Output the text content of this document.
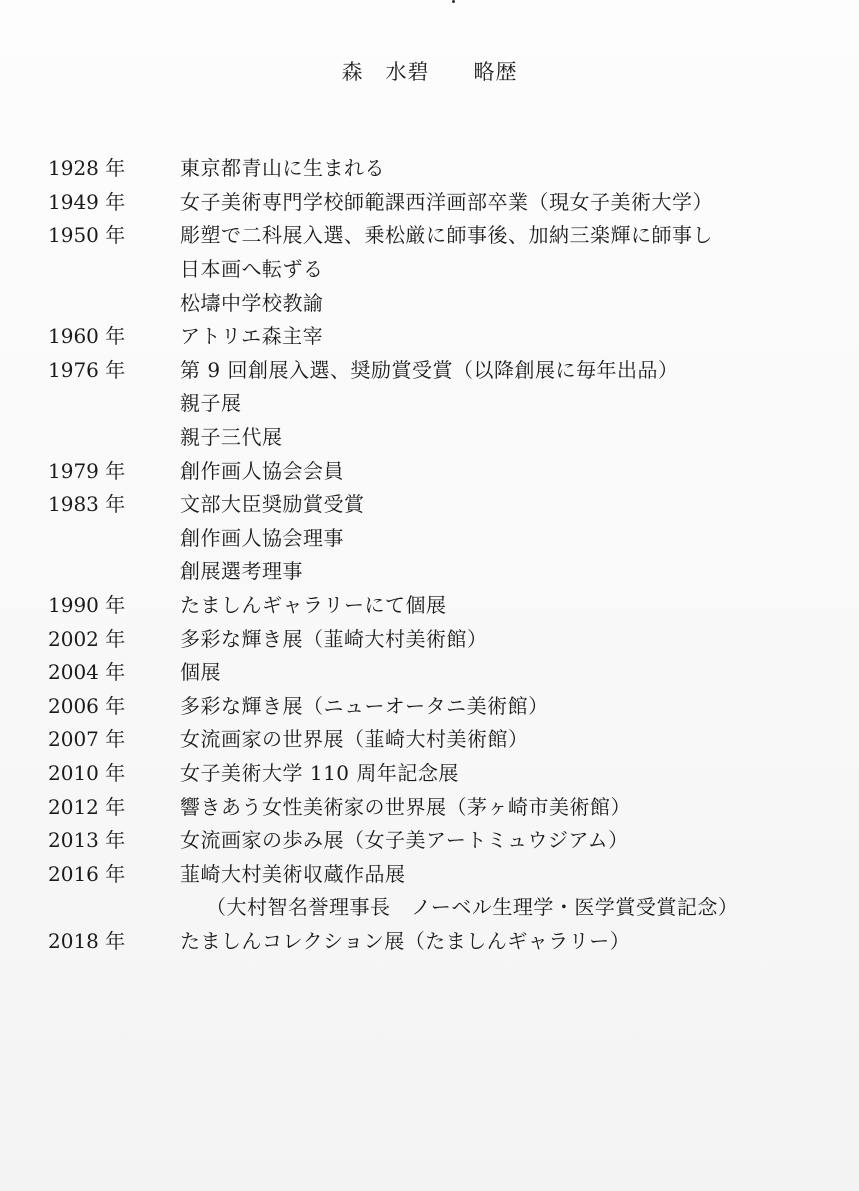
森　水碧　　略歴
1928 年	東京都青山に生まれる
1949 年	女子美術専門学校師範課西洋画部卒業（現女子美術大学）
1950 年	彫塑で二科展入選、乗松厳に師事後、加納三楽輝に師事し
日本画へ転ずる
松壔中学校教諭
1960 年	アトリエ森主宰
1976 年	第 9 回創展入選、奨励賞受賞（以降創展に毎年出品）
親子展
親子三代展
1979 年	創作画人協会会員
1983 年	文部大臣奨励賞受賞
創作画人協会理事
創展選考理事
1990 年	たましんギャラリーにて個展
2002 年	多彩な輝き展（韮崎大村美術館）
2004 年	個展
2006 年	多彩な輝き展（ニューオータニ美術館）
2007 年	女流画家の世界展（韮崎大村美術館）
2010 年	女子美術大学 110 周年記念展
2012 年	響きあう女性美術家の世界展（茅ヶ崎市美術館）
2013 年	女流画家の歩み展（女子美アートミュウジアム）
2016 年	韮崎大村美術収蔵作品展
（大村智名誉理事長　ノーベル生理学・医学賞受賞記念）
2018 年	たましんコレクション展（たましんギャラリー）
